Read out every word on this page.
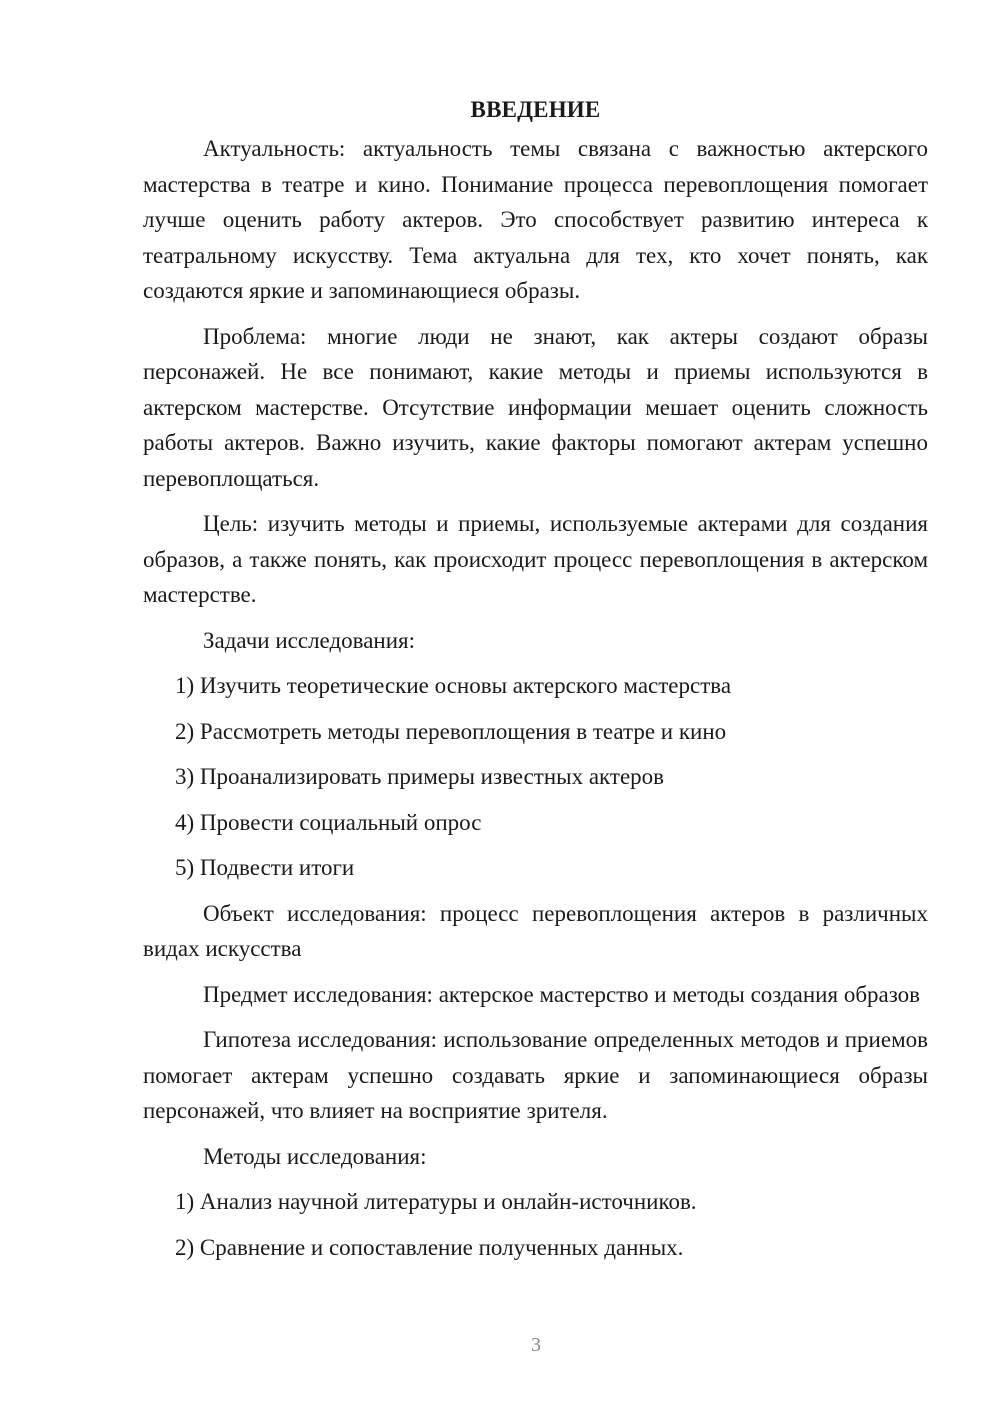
ВВЕДЕНИЕ

Актуальность: актуальность темы связана с важностью актерского мастерства в театре и кино. Понимание процесса перевоплощения помогает лучше оценить работу актеров. Это способствует развитию интереса к театральному искусству. Тема актуальна для тех, кто хочет понять, как создаются яркие и запоминающиеся образы.

Проблема: многие люди не знают, как актеры создают образы персонажей. Не все понимают, какие методы и приемы используются в актерском мастерстве. Отсутствие информации мешает оценить сложность работы актеров. Важно изучить, какие факторы помогают актерам успешно перевоплощаться.

Цель: изучить методы и приемы, используемые актерами для создания образов, а также понять, как происходит процесс перевоплощения в актерском мастерстве.

Задачи исследования:

1) Изучить теоретические основы актерского мастерства

2) Рассмотреть методы перевоплощения в театре и кино

3) Проанализировать примеры известных актеров

4) Провести социальный опрос

5) Подвести итоги

Объект исследования: процесс перевоплощения актеров в различных видах искусства

Предмет исследования: актерское мастерство и методы создания образов

Гипотеза исследования: использование определенных методов и приемов помогает актерам успешно создавать яркие и запоминающиеся образы персонажей, что влияет на восприятие зрителя.

Методы исследования:

1) Анализ научной литературы и онлайн-источников.

2) Сравнение и сопоставление полученных данных.

3
